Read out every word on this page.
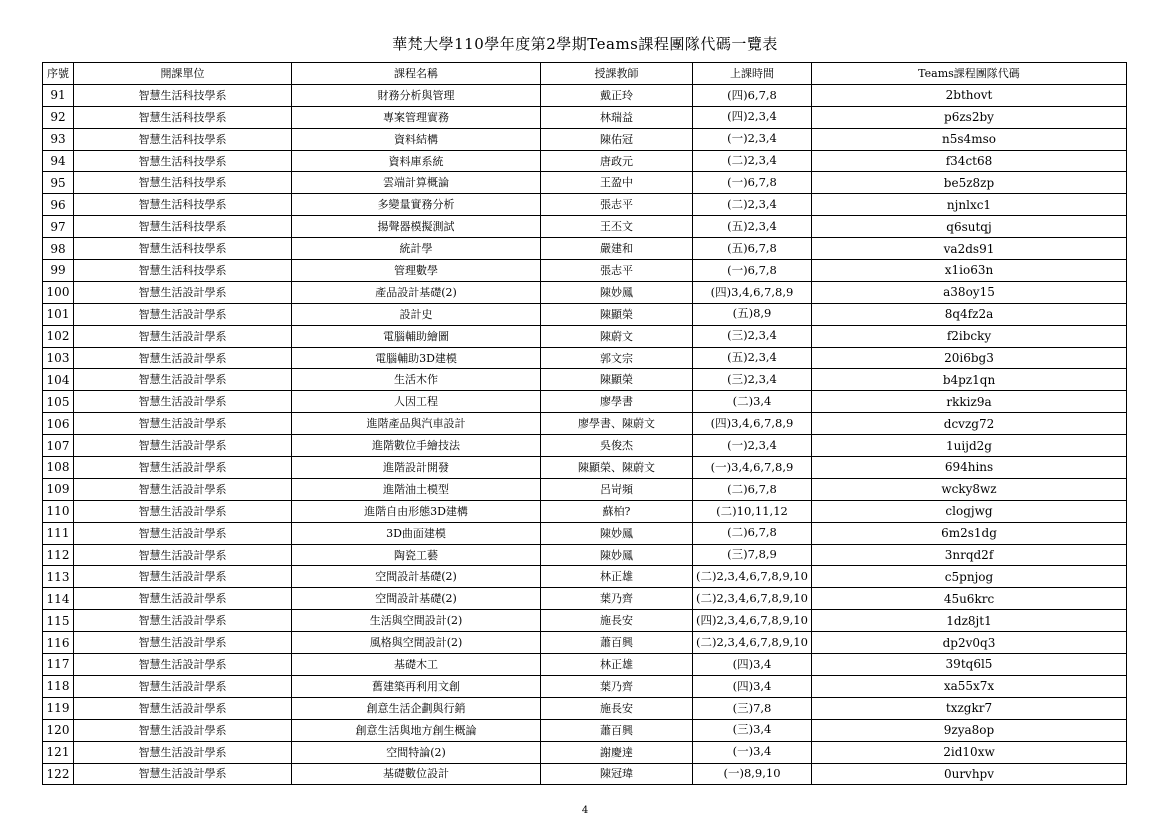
華梵大學110學年度第2學期Teams課程團隊代碼一覽表
序號	開課單位	課程名稱	授課教師	上課時間	Teams課程團隊代碼
91	智慧生活科技學系	財務分析與管理	戴正玲	(四)6,7,8	2bthovt
92	智慧生活科技學系	專案管理實務	林瑞益	(四)2,3,4	p6zs2by
93	智慧生活科技學系	資料結構	陳佑冠	(一)2,3,4	n5s4mso
94	智慧生活科技學系	資料庫系統	唐政元	(二)2,3,4	f34ct68
95	智慧生活科技學系	雲端計算概論	王盈中	(一)6,7,8	be5z8zp
96	智慧生活科技學系	多變量實務分析	張志平	(二)2,3,4	njnlxc1
97	智慧生活科技學系	揚聲器模擬測試	王丕文	(五)2,3,4	q6sutqj
98	智慧生活科技學系	統計學	嚴建和	(五)6,7,8	va2ds91
99	智慧生活科技學系	管理數學	張志平	(一)6,7,8	x1io63n
100	智慧生活設計學系	產品設計基礎(2)	陳妙鳳	(四)3,4,6,7,8,9	a38oy15
101	智慧生活設計學系	設計史	陳顯榮	(五)8,9	8q4fz2a
102	智慧生活設計學系	電腦輔助繪圖	陳蔚文	(三)2,3,4	f2ibcky
103	智慧生活設計學系	電腦輔助3D建模	郭文宗	(五)2,3,4	20i6bg3
104	智慧生活設計學系	生活木作	陳顯榮	(三)2,3,4	b4pz1qn
105	智慧生活設計學系	人因工程	廖學書	(二)3,4	rkkiz9a
106	智慧生活設計學系	進階產品與汽車設計	廖學書、陳蔚文	(四)3,4,6,7,8,9	dcvzg72
107	智慧生活設計學系	進階數位手繪技法	吳俊杰	(一)2,3,4	1uijd2g
108	智慧生活設計學系	進階設計開發	陳顯榮、陳蔚文	(一)3,4,6,7,8,9	694hins
109	智慧生活設計學系	進階油土模型	呂岢頻	(二)6,7,8	wcky8wz
110	智慧生活設計學系	進階自由形態3D建構	蘇柏?	(二)10,11,12	clogjwg
111	智慧生活設計學系	3D曲面建模	陳妙鳳	(二)6,7,8	6m2s1dg
112	智慧生活設計學系	陶瓷工藝	陳妙鳳	(三)7,8,9	3nrqd2f
113	智慧生活設計學系	空間設計基礎(2)	林正雄	(二)2,3,4,6,7,8,9,10	c5pnjog
114	智慧生活設計學系	空間設計基礎(2)	葉乃齊	(二)2,3,4,6,7,8,9,10	45u6krc
115	智慧生活設計學系	生活與空間設計(2)	施長安	(四)2,3,4,6,7,8,9,10	1dz8jt1
116	智慧生活設計學系	風格與空間設計(2)	蕭百興	(二)2,3,4,6,7,8,9,10	dp2v0q3
117	智慧生活設計學系	基礎木工	林正雄	(四)3,4	39tq6l5
118	智慧生活設計學系	舊建築再利用文創	葉乃齊	(四)3,4	xa55x7x
119	智慧生活設計學系	創意生活企劃與行銷	施長安	(三)7,8	txzgkr7
120	智慧生活設計學系	創意生活與地方創生概論	蕭百興	(三)3,4	9zya8op
121	智慧生活設計學系	空間特論(2)	謝慶達	(一)3,4	2id10xw
122	智慧生活設計學系	基礎數位設計	陳冠瑋	(一)8,9,10	0urvhpv
4
